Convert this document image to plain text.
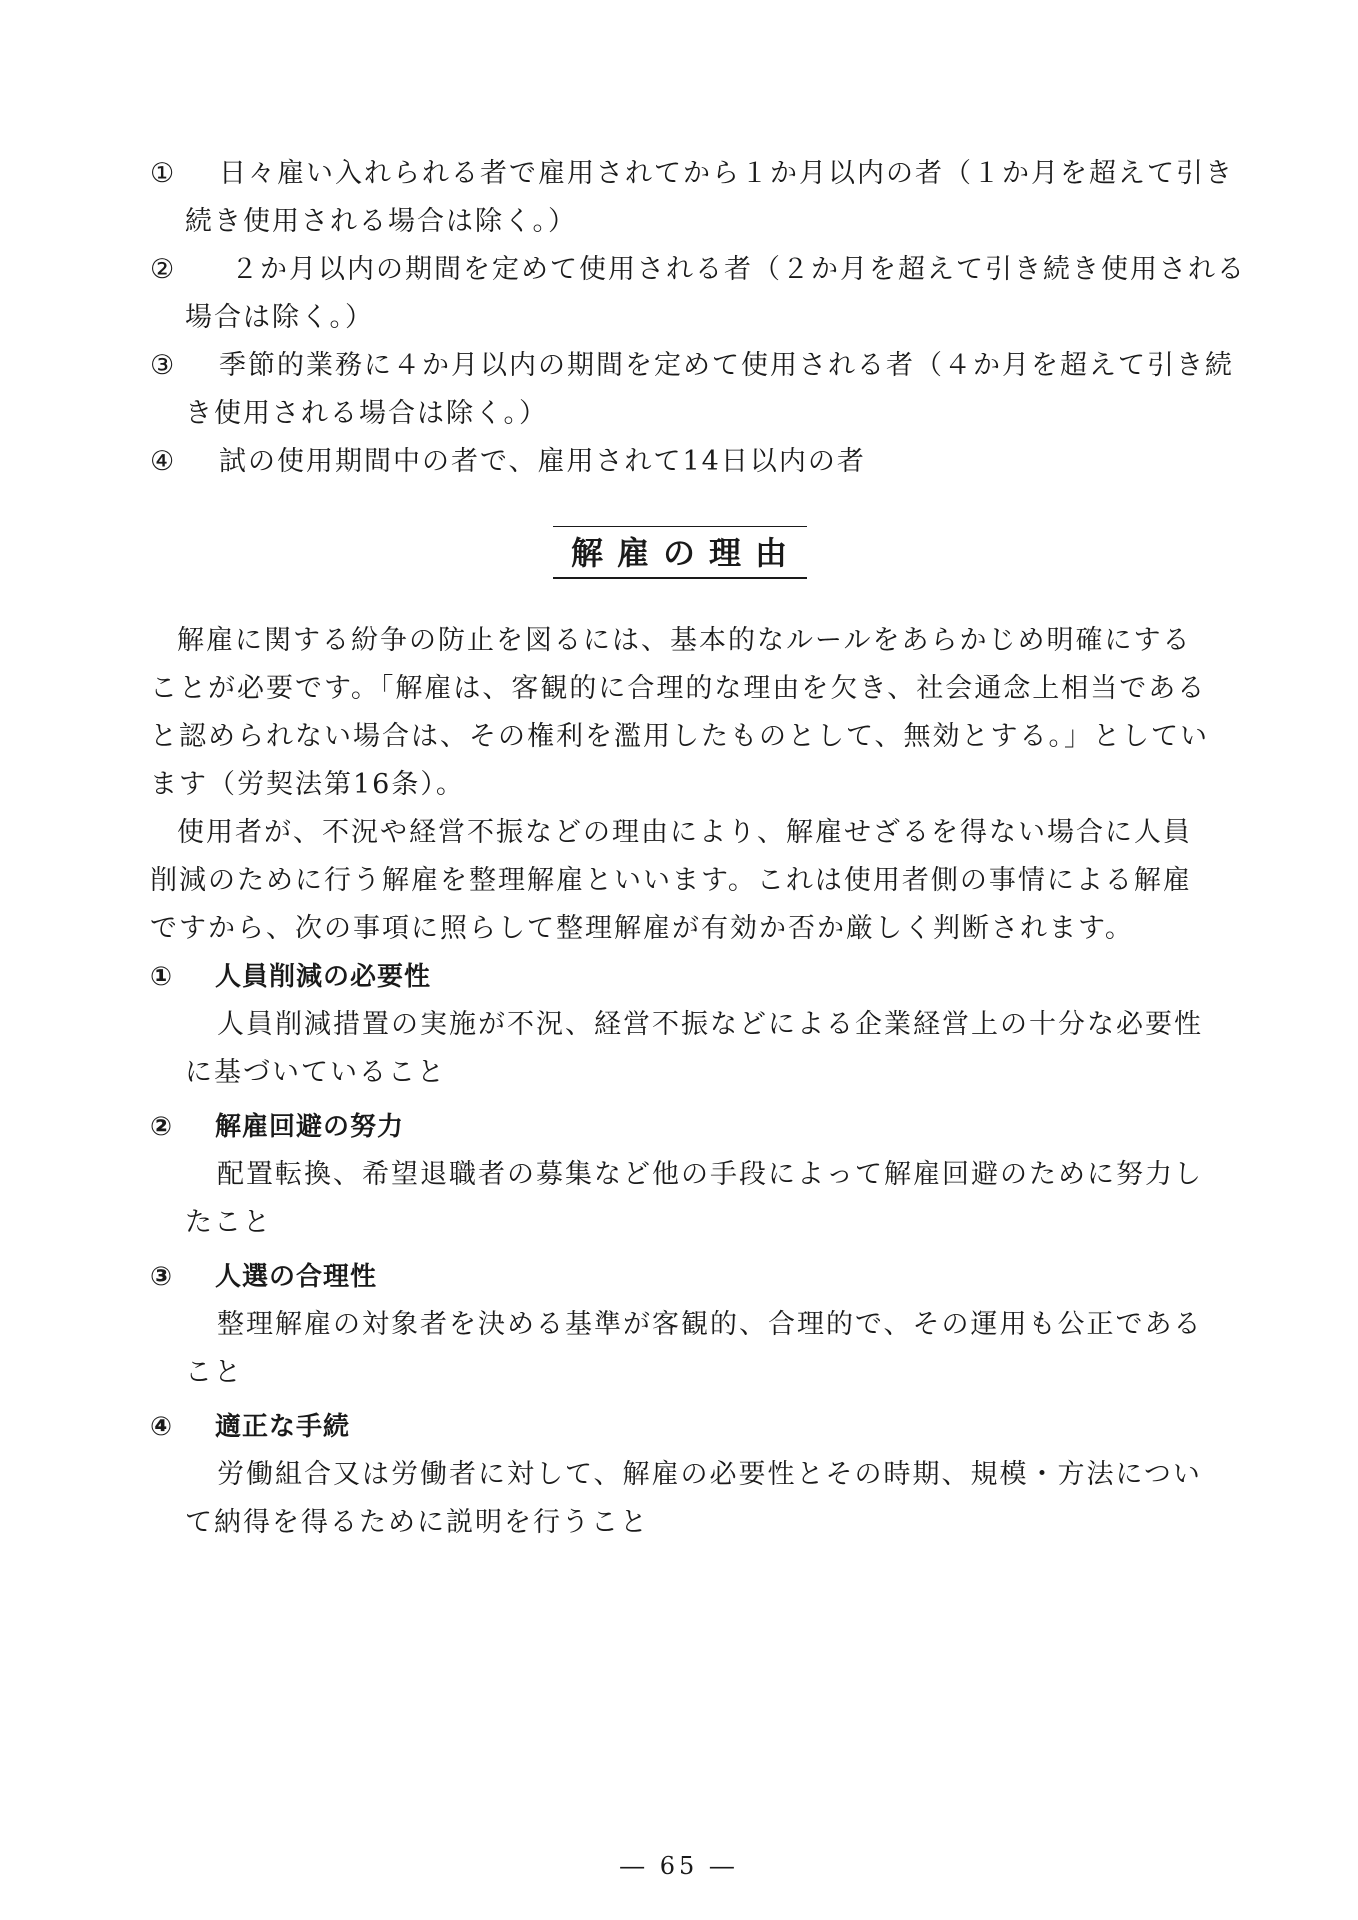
①	日々雇い入れられる者で雇用されてから１か月以内の者（１か月を超えて引き
続き使用される場合は除く。）
②	２か月以内の期間を定めて使用される者（２か月を超えて引き続き使用される
場合は除く。）
③	季節的業務に４か月以内の期間を定めて使用される者（４か月を超えて引き続
き使用される場合は除く。）
④	試の使用期間中の者で、雇用されて14日以内の者
解雇の理由
解雇に関する紛争の防止を図るには、基本的なルールをあらかじめ明確にすることが必要です。「解雇は、客観的に合理的な理由を欠き、社会通念上相当であると認められない場合は、その権利を濫用したものとして、無効とする。」としています（労契法第16条）。
使用者が、不況や経営不振などの理由により、解雇せざるを得ない場合に人員削減のために行う解雇を整理解雇といいます。これは使用者側の事情による解雇ですから、次の事項に照らして整理解雇が有効か否か厳しく判断されます。
① 人員削減の必要性
人員削減措置の実施が不況、経営不振などによる企業経営上の十分な必要性に基づいていること
② 解雇回避の努力
配置転換、希望退職者の募集など他の手段によって解雇回避のために努力したこと
③ 人選の合理性
整理解雇の対象者を決める基準が客観的、合理的で、その運用も公正であること
④ 適正な手続
労働組合又は労働者に対して、解雇の必要性とその時期、規模・方法について納得を得るために説明を行うこと
― 65 ―
